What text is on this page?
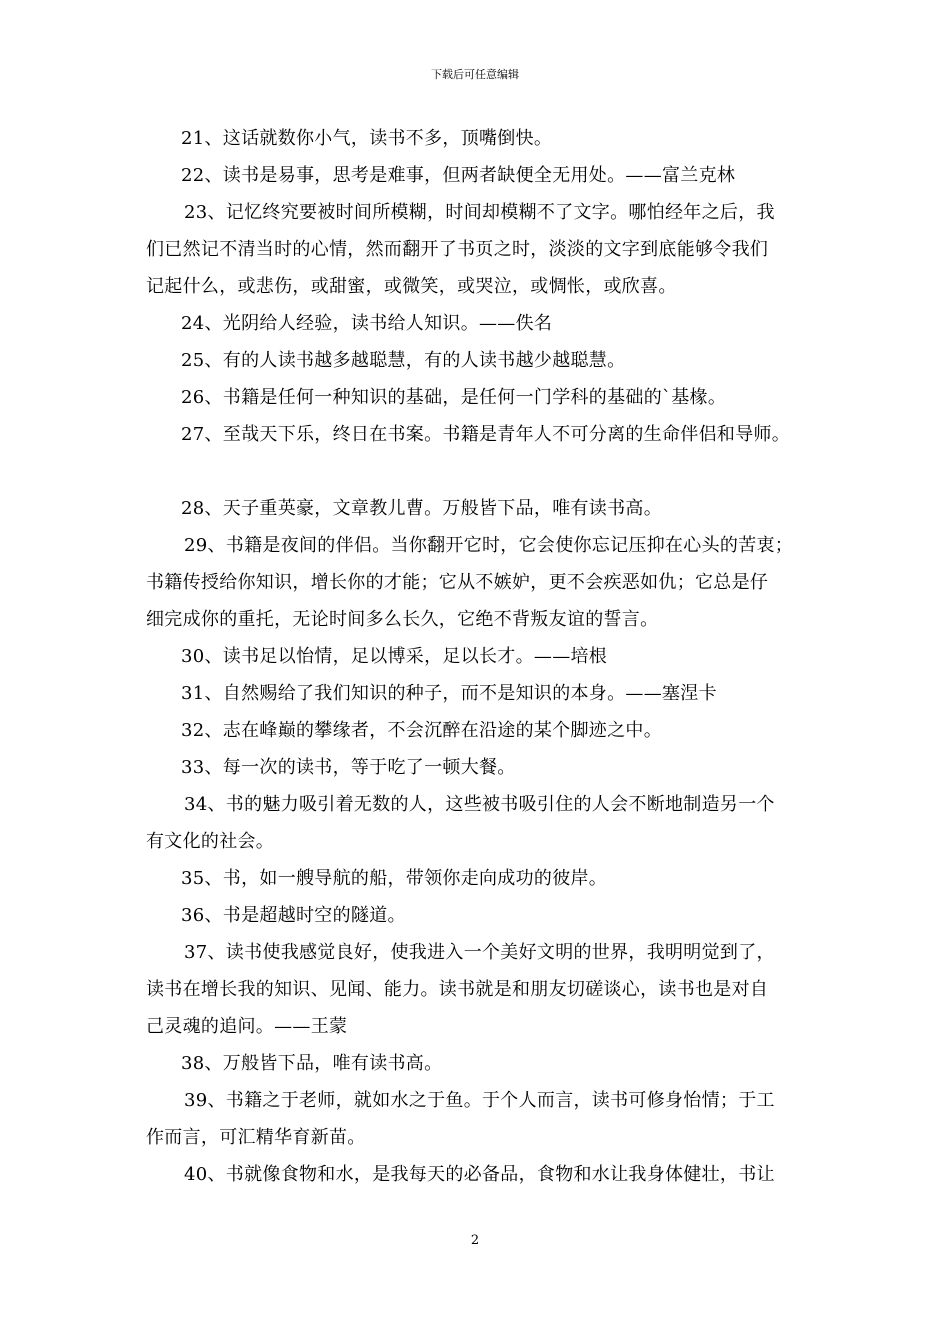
下载后可任意编辑
21、这话就数你小气，读书不多，顶嘴倒快。
22、读书是易事，思考是难事，但两者缺便全无用处。——富兰克林
23、记忆终究要被时间所模糊，时间却模糊不了文字。哪怕经年之后，我
们已然记不清当时的心情，然而翻开了书页之时，淡淡的文字到底能够令我们
记起什么，或悲伤，或甜蜜，或微笑，或哭泣，或惆怅，或欣喜。
24、光阴给人经验，读书给人知识。——佚名
25、有的人读书越多越聪慧，有的人读书越少越聪慧。
26、书籍是任何一种知识的基础，是任何一门学科的基础的`基椽。
27、至哉天下乐，终日在书案。书籍是青年人不可分离的生命伴侣和导师。
28、天子重英豪，文章教儿曹。万般皆下品，唯有读书高。
29、书籍是夜间的伴侣。当你翻开它时，它会使你忘记压抑在心头的苦衷；
书籍传授给你知识，增长你的才能；它从不嫉妒，更不会疾恶如仇；它总是仔
细完成你的重托，无论时间多么长久，它绝不背叛友谊的誓言。
30、读书足以怡情，足以博采，足以长才。——培根
31、自然赐给了我们知识的种子，而不是知识的本身。——塞涅卡
32、志在峰巅的攀缘者，不会沉醉在沿途的某个脚迹之中。
33、每一次的读书，等于吃了一顿大餐。
34、书的魅力吸引着无数的人，这些被书吸引住的人会不断地制造另一个
有文化的社会。
35、书，如一艘导航的船，带领你走向成功的彼岸。
36、书是超越时空的隧道。
37、读书使我感觉良好，使我进入一个美好文明的世界，我明明觉到了，
读书在增长我的知识、见闻、能力。读书就是和朋友切磋谈心，读书也是对自
己灵魂的追问。——王蒙
38、万般皆下品，唯有读书高。
39、书籍之于老师，就如水之于鱼。于个人而言，读书可修身怡情；于工
作而言，可汇精华育新苗。
40、书就像食物和水，是我每天的必备品，食物和水让我身体健壮，书让
2
